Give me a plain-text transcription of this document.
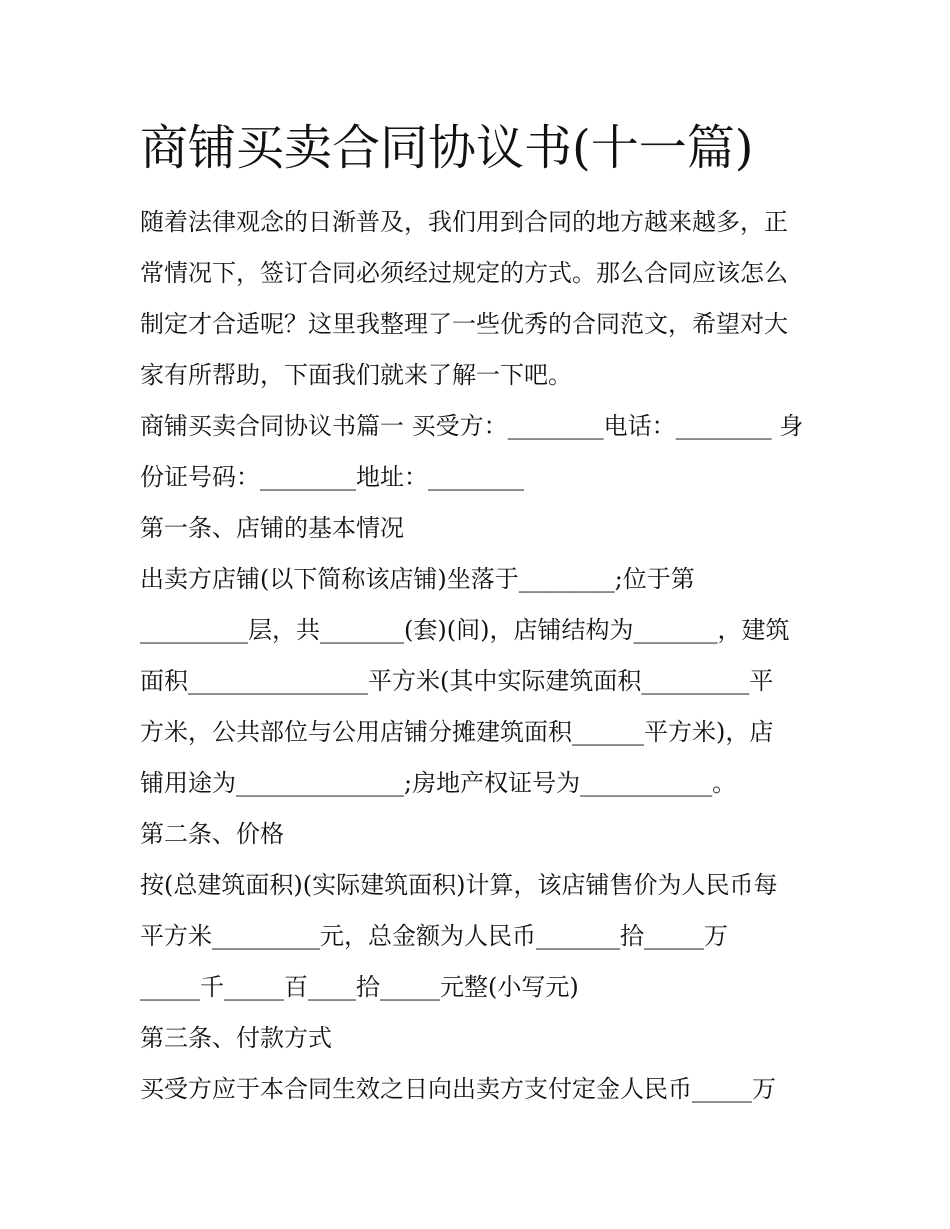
商铺买卖合同协议书(十一篇)
随着法律观念的日渐普及，我们用到合同的地方越来越多，正
常情况下，签订合同必须经过规定的方式。那么合同应该怎么
制定才合适呢？这里我整理了一些优秀的合同范文，希望对大
家有所帮助，下面我们就来了解一下吧。
商铺买卖合同协议书篇一 买受方：________电话：________ 身
份证号码：________地址：________
第一条、店铺的基本情况
出卖方店铺(以下简称该店铺)坐落于________;位于第
_________层，共_______(套)(间)，店铺结构为_______，建筑
面积_______________平方米(其中实际建筑面积_________平
方米，公共部位与公用店铺分摊建筑面积______平方米)，店
铺用途为______________;房地产权证号为___________。
第二条、价格
按(总建筑面积)(实际建筑面积)计算，该店铺售价为人民币每
平方米_________元，总金额为人民币_______拾_____万
_____千_____百____拾_____元整(小写元)
第三条、付款方式
买受方应于本合同生效之日向出卖方支付定金人民币_____万
